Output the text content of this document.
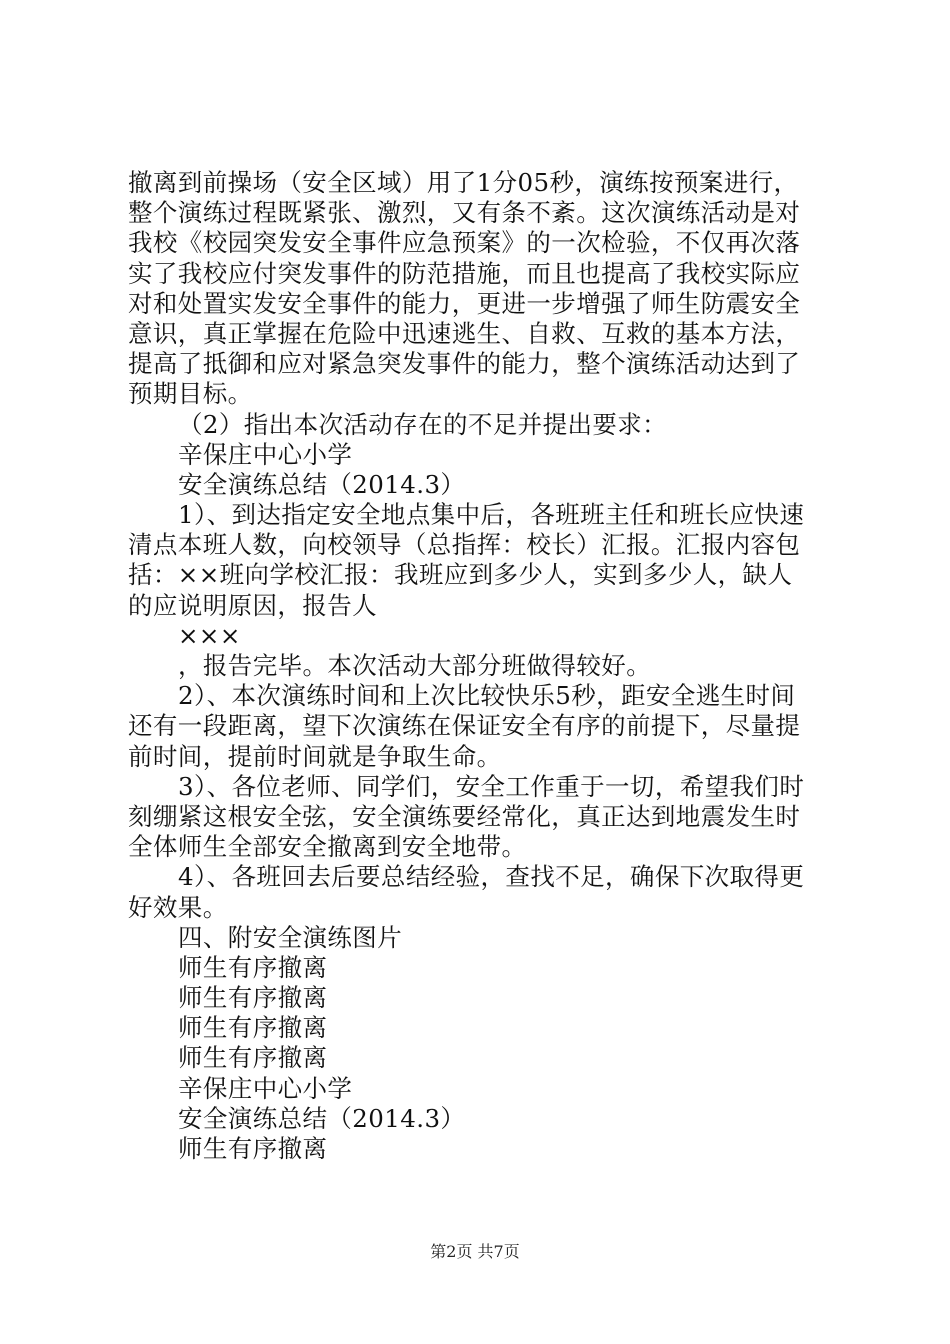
撤离到前操场（安全区域）用了1分05秒，演练按预案进行，
整个演练过程既紧张、激烈，又有条不紊。这次演练活动是对
我校《校园突发安全事件应急预案》的一次检验，不仅再次落
实了我校应付突发事件的防范措施，而且也提高了我校实际应
对和处置实发安全事件的能力，更进一步增强了师生防震安全
意识，真正掌握在危险中迅速逃生、自救、互救的基本方法，
提高了抵御和应对紧急突发事件的能力，整个演练活动达到了
预期目标。
（2）指出本次活动存在的不足并提出要求：
辛保庄中心小学
安全演练总结（2014.3）
1）、到达指定安全地点集中后，各班班主任和班长应快速
清点本班人数，向校领导（总指挥：校长）汇报。汇报内容包
括：××班向学校汇报：我班应到多少人，实到多少人，缺人
的应说明原因，报告人
×××
，报告完毕。本次活动大部分班做得较好。
2）、本次演练时间和上次比较快乐5秒，距安全逃生时间
还有一段距离，望下次演练在保证安全有序的前提下，尽量提
前时间，提前时间就是争取生命。
3）、各位老师、同学们，安全工作重于一切，希望我们时
刻绷紧这根安全弦，安全演练要经常化，真正达到地震发生时
全体师生全部安全撤离到安全地带。
4）、各班回去后要总结经验，查找不足，确保下次取得更
好效果。
四、附安全演练图片
师生有序撤离
师生有序撤离
师生有序撤离
师生有序撤离
辛保庄中心小学
安全演练总结（2014.3）
师生有序撤离
第2页 共7页
